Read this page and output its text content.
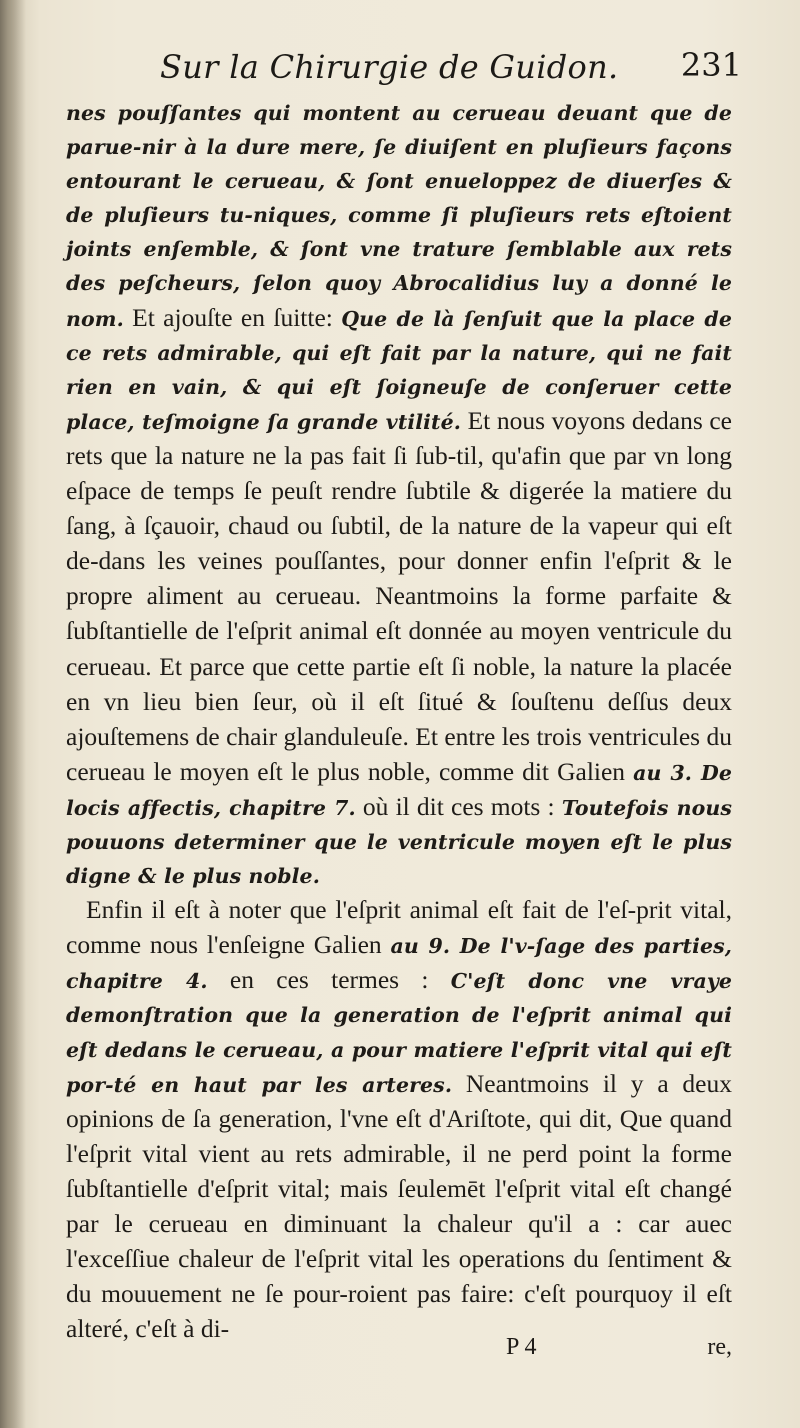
Sur la Chirurgie de Guidon. 231

nes pouſſantes qui montent au cerueau deuant que de parue-nir à la dure mere, ſe diuiſent en pluſieurs façons entourant le cerueau, & ſont enueloppez de diuerſes & de pluſieurs tu-niques, comme ſi pluſieurs rets eſtoient joints enſemble, & ſont vne trature ſemblable aux rets des peſcheurs, ſelon quoy Abrocalidius luy a donné le nom. Et ajouſte en ſuitte: Que de là ſenſuit que la place de ce rets admirable, qui eſt fait par la nature, qui ne fait rien en vain, & qui eſt ſoigneuſe de conſeruer cette place, teſmoigne ſa grande vtilité. Et nous voyons dedans ce rets que la nature ne la pas fait ſi ſub-til, qu'afin que par vn long eſpace de temps ſe peuſt rendre ſubtile & digerée la matiere du ſang, à ſçauoir, chaud ou ſubtil, de la nature de la vapeur qui eſt de-dans les veines pouſſantes, pour donner enfin l'eſprit & le propre aliment au cerueau. Neantmoins la forme parfaite & ſubſtantielle de l'eſprit animal eſt donnée au moyen ventricule du cerueau. Et parce que cette partie eſt ſi noble, la nature la placée en vn lieu bien ſeur, où il eſt ſitué & ſouſtenu deſſus deux ajouſtemens de chair glanduleuſe. Et entre les trois ventricules du cerueau le moyen eſt le plus noble, comme dit Galien au 3. De locis affectis, chapitre 7. où il dit ces mots : Toutefois nous pouuons determiner que le ventricule moyen eſt le plus digne & le plus noble.

Enfin il eſt à noter que l'eſprit animal eſt fait de l'eſ-prit vital, comme nous l'enſeigne Galien au 9. De l'v-ſage des parties, chapitre 4. en ces termes : C'eſt donc vne vraye demonſtration que la generation de l'eſprit animal qui eſt dedans le cerueau, a pour matiere l'eſprit vital qui eſt por-té en haut par les arteres. Neantmoins il y a deux opinions de ſa generation, l'vne eſt d'Ariſtote, qui dit, Que quand l'eſprit vital vient au rets admirable, il ne perd point la forme ſubſtantielle d'eſprit vital; mais ſeulemēt l'eſprit vital eſt changé par le cerueau en diminuant la chaleur qu'il a : car auec l'exceſſiue chaleur de l'eſprit vital les operations du ſentiment & du mouuement ne ſe pour-roient pas faire: c'eſt pourquoy il eſt alteré, c'eſt à di-

P 4	re,
